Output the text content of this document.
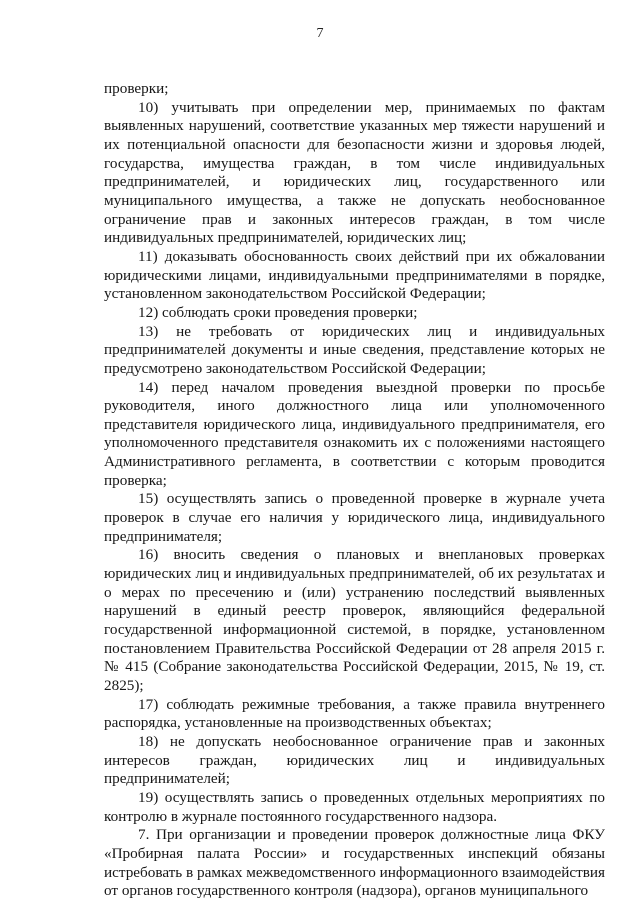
7

проверки;

10) учитывать при определении мер, принимаемых по фактам выявленных нарушений, соответствие указанных мер тяжести нарушений и их потенциальной опасности для безопасности жизни и здоровья людей, государства, имущества граждан, в том числе индивидуальных предпринимателей, и юридических лиц, государственного или муниципального имущества, а также не допускать необоснованное ограничение прав и законных интересов граждан, в том числе индивидуальных предпринимателей, юридических лиц;

11) доказывать обоснованность своих действий при их обжаловании юридическими лицами, индивидуальными предпринимателями в порядке, установленном законодательством Российской Федерации;

12) соблюдать сроки проведения проверки;

13) не требовать от юридических лиц и индивидуальных предпринимателей документы и иные сведения, представление которых не предусмотрено законодательством Российской Федерации;

14) перед началом проведения выездной проверки по просьбе руководителя, иного должностного лица или уполномоченного представителя юридического лица, индивидуального предпринимателя, его уполномоченного представителя ознакомить их с положениями настоящего Административного регламента, в соответствии с которым проводится проверка;

15) осуществлять запись о проведенной проверке в журнале учета проверок в случае его наличия у юридического лица, индивидуального предпринимателя;

16) вносить сведения о плановых и внеплановых проверках юридических лиц и индивидуальных предпринимателей, об их результатах и о мерах по пресечению и (или) устранению последствий выявленных нарушений в единый реестр проверок, являющийся федеральной государственной информационной системой, в порядке, установленном постановлением Правительства Российской Федерации от 28 апреля 2015 г. № 415 (Собрание законодательства Российской Федерации, 2015, № 19, ст. 2825);

17) соблюдать режимные требования, а также правила внутреннего распорядка, установленные на производственных объектах;

18) не допускать необоснованное ограничение прав и законных интересов граждан, юридических лиц и индивидуальных предпринимателей;

19) осуществлять запись о проведенных отдельных мероприятиях по контролю в журнале постоянного государственного надзора.

7. При организации и проведении проверок должностные лица ФКУ «Пробирная палата России» и государственных инспекций обязаны истребовать в рамках межведомственного информационного взаимодействия от органов государственного контроля (надзора), органов муниципального
